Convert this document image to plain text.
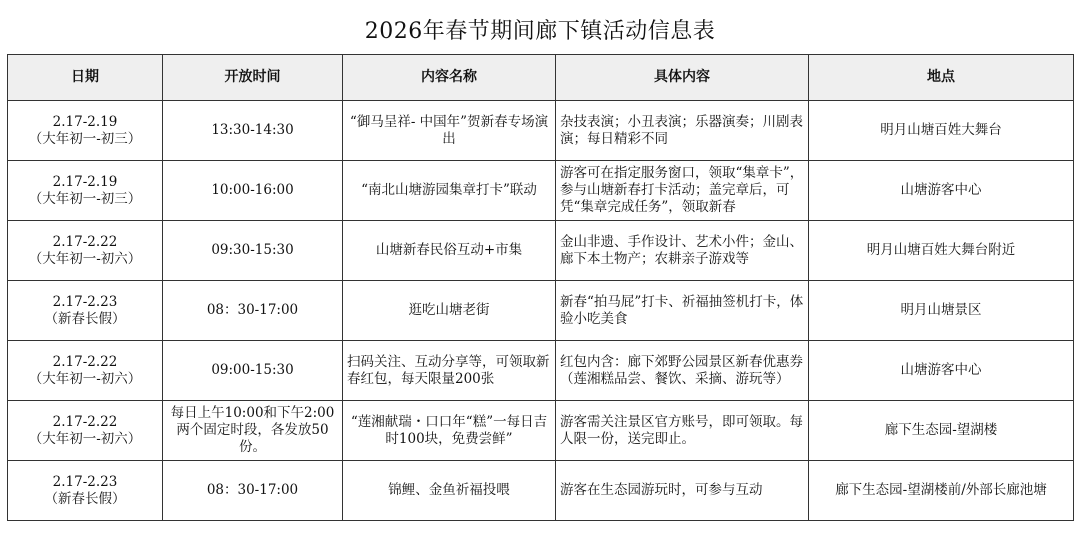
2026年春节期间廊下镇活动信息表
日期	开放时间	内容名称	具体内容	地点

2.17-2.19
（大年初一-初三）	13:30-14:30	“御马呈祥- 中国年”贺新春专场演出	杂技表演；小丑表演；乐器演奏；川剧表演；每日精彩不同	明月山塘百姓大舞台

2.17-2.19
（大年初一-初三）	10:00-16:00	“南北山塘游园集章打卡”联动	游客可在指定服务窗口，领取“集章卡”，参与山塘新春打卡活动；盖完章后，可凭“集章完成任务”，领取新春	山塘游客中心

2.17-2.22
（大年初一-初六）	09:30-15:30	山塘新春民俗互动+市集	金山非遗、手作设计、艺术小件；金山、廊下本土物产；农耕亲子游戏等	明月山塘百姓大舞台附近

2.17-2.23
（新春长假）	08：30-17:00	逛吃山塘老街	新春“拍马屁”打卡、祈福抽签机打卡，体验小吃美食	明月山塘景区

2.17-2.22
（大年初一-初六）	09:00-15:30	扫码关注、互动分享等，可领取新春红包，每天限量200张	红包内含：廊下郊野公园景区新春优惠券（莲湘糕品尝、餐饮、采摘、游玩等）	山塘游客中心

2.17-2.22
（大年初一-初六）	每日上午10:00和下午2:00两个固定时段，各发放50份。	“莲湘献瑞・口口年“糕”一每日吉时100块，免费尝鲜”	游客需关注景区官方账号，即可领取。每人限一份，送完即止。	廊下生态园-望湖楼

2.17-2.23
（新春长假）	08：30-17:00	锦鲤、金鱼祈福投喂	游客在生态园游玩时，可参与互动	廊下生态园-望湖楼前/外部长廊池塘
